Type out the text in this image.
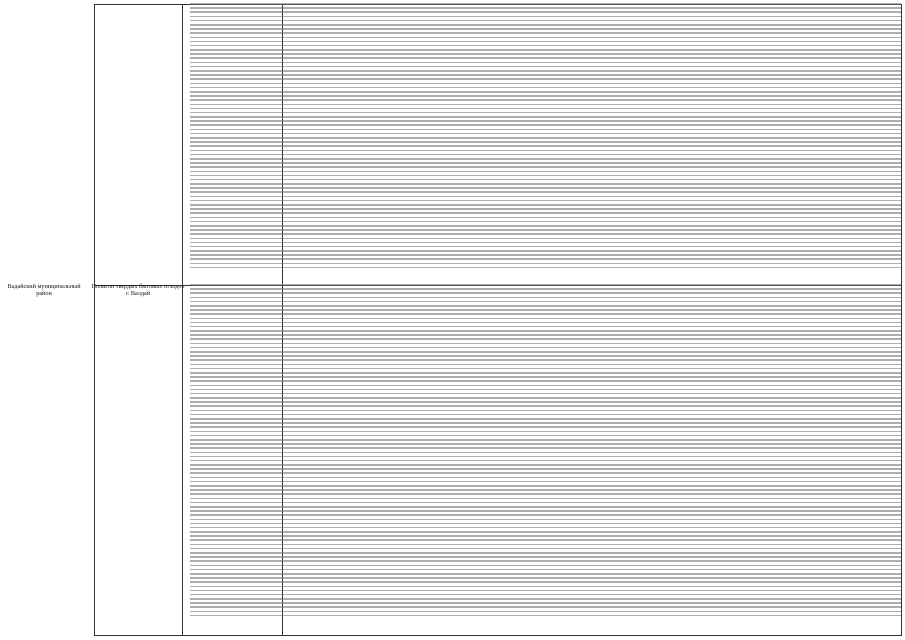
Вадайский муниципальный район
Полигон твердых бытовых отходов г. Валдай
